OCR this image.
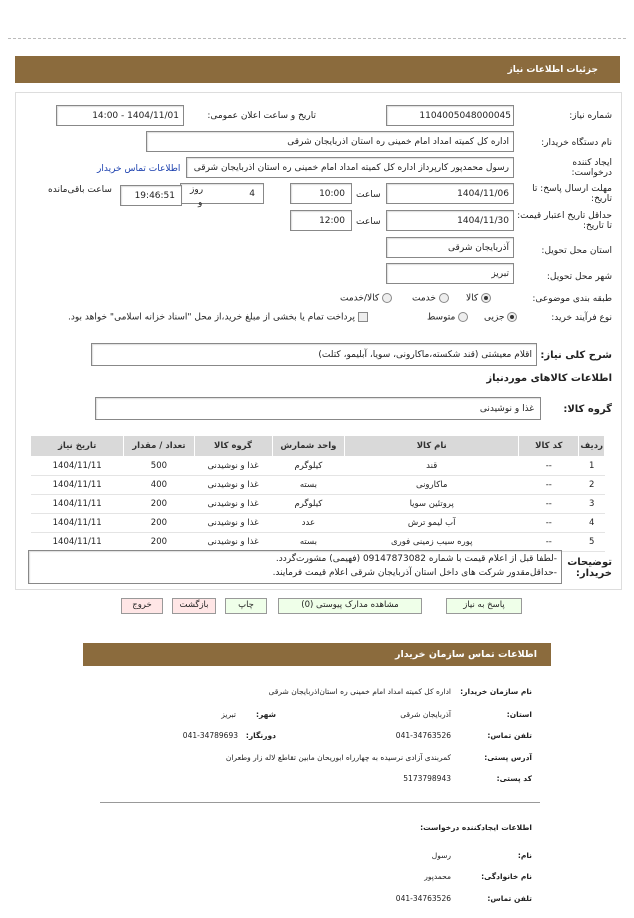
جزئیات اطلاعات نیاز
شماره نیاز:
1104005048000045
تاریخ و ساعت اعلان عمومی:
1404/11/01 - 14:00
نام دستگاه خریدار:
اداره کل کمیته امداد امام خمینی ره استان اذربایجان شرقی
ایجاد کننده درخواست:
رسول محمدپور کارپرداز اداره کل کمیته امداد امام خمینی ره استان اذربایجان شرقی
اطلاعات تماس خریدار
مهلت ارسال پاسخ: تا تاریخ:
1404/11/06
ساعت
10:00
4
روز
و
19:46:51
ساعت باقی‌مانده
حداقل تاریخ اعتبار قیمت: تا تاریخ:
1404/11/30
ساعت
12:00
استان محل تحویل:
آذربایجان شرقی
شهر محل تحویل:
تبریز
طبقه بندی موضوعی:
کالا
خدمت
کالا/خدمت
نوع فرآیند خرید:
جزیی
متوسط
پرداخت تمام یا بخشی از مبلغ خرید،از محل "اسناد خزانه اسلامی" خواهد بود.
شرح کلی نیاز:
اقلام معیشتی (قند شکسته،ماکارونی، سویا، آبلیمو، کتلت)
اطلاعات کالاهای موردنیاز
گروه کالا:
غذا و نوشیدنی
ردیف	کد کالا	نام کالا	واحد شمارش	گروه کالا	تعداد / مقدار	تاریخ نیاز
1	--	قند	کیلوگرم	غذا و نوشیدنی	500	1404/11/11
2	--	ماکارونی	بسته	غذا و نوشیدنی	400	1404/11/11
3	--	پروتئین سویا	کیلوگرم	غذا و نوشیدنی	200	1404/11/11
4	--	آب لیمو ترش	عدد	غذا و نوشیدنی	200	1404/11/11
5	--	پوره سیب زمینی فوری	بسته	غذا و نوشیدنی	200	1404/11/11
توضیحات خریدار:
-لطفا قبل از اعلام قیمت با شماره 09147873082 (فهیمی) مشورت‌گردد.
-حداقل‌مقدور شرکت های داخل استان آذربایجان شرقی اعلام قیمت فرمایند.
پاسخ به نیاز
مشاهده مدارک پیوستی (0)
چاپ
بازگشت
خروج
اطلاعات تماس سازمان خریدار
نام سازمان خریدار:
اداره کل کمیته امداد امام خمینی ره استان‌اذربایجان شرقی
استان:
آذربایجان شرقی
شهر:
تبریز
تلفن تماس:
041-34763526
دورنگار:
041-34789693
آدرس پستی:
کمربندی آزادی نرسیده به چهارراه ابوریحان مابین تقاطع لاله زار وطعران
کد پستی:
5173798943
اطلاعات ایجادکننده درخواست:
نام:
رسول
نام خانوادگی:
محمدپور
تلفن تماس:
041-34763526
